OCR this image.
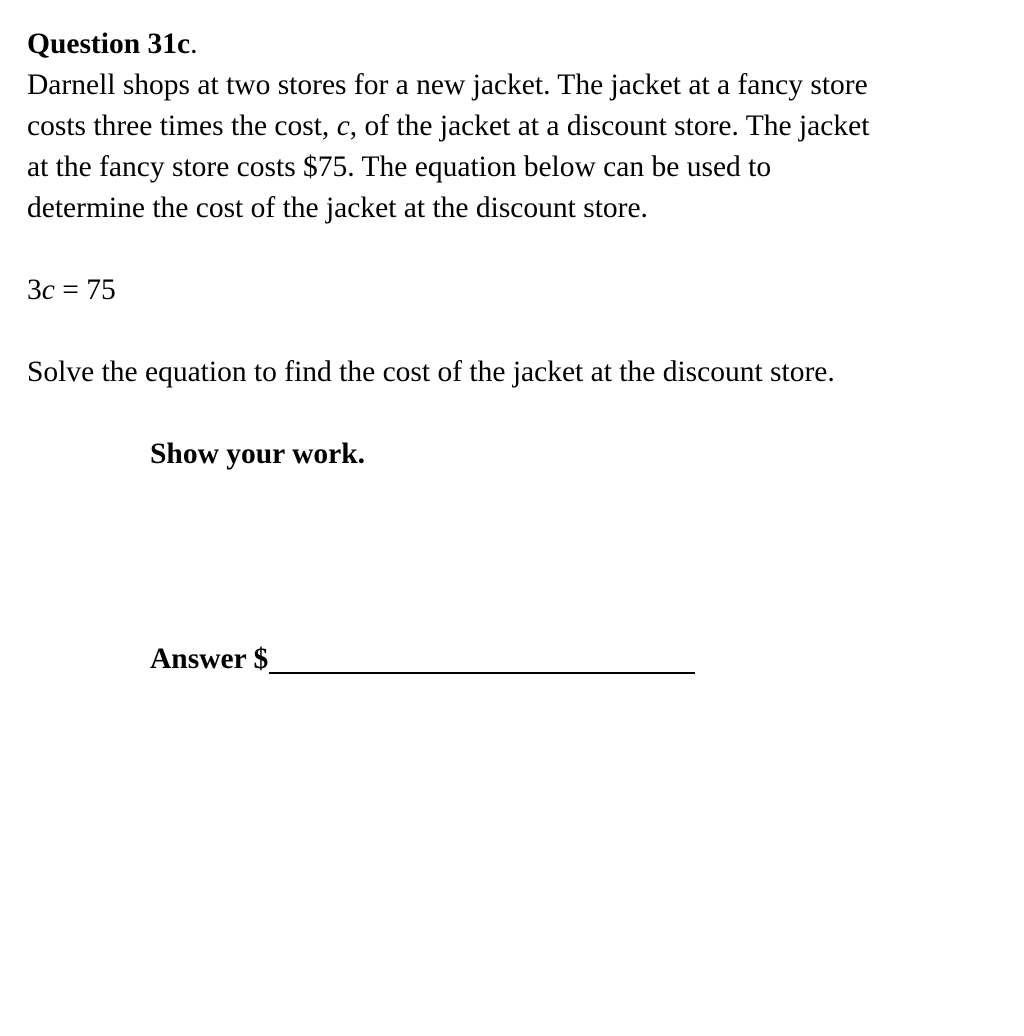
Question 31c.
Darnell shops at two stores for a new jacket. The jacket at a fancy store
costs three times the cost, c, of the jacket at a discount store. The jacket
at the fancy store costs $75. The equation below can be used to
determine the cost of the jacket at the discount store.
3c = 75
Solve the equation to find the cost of the jacket at the discount store.
Show your work.
Answer $
